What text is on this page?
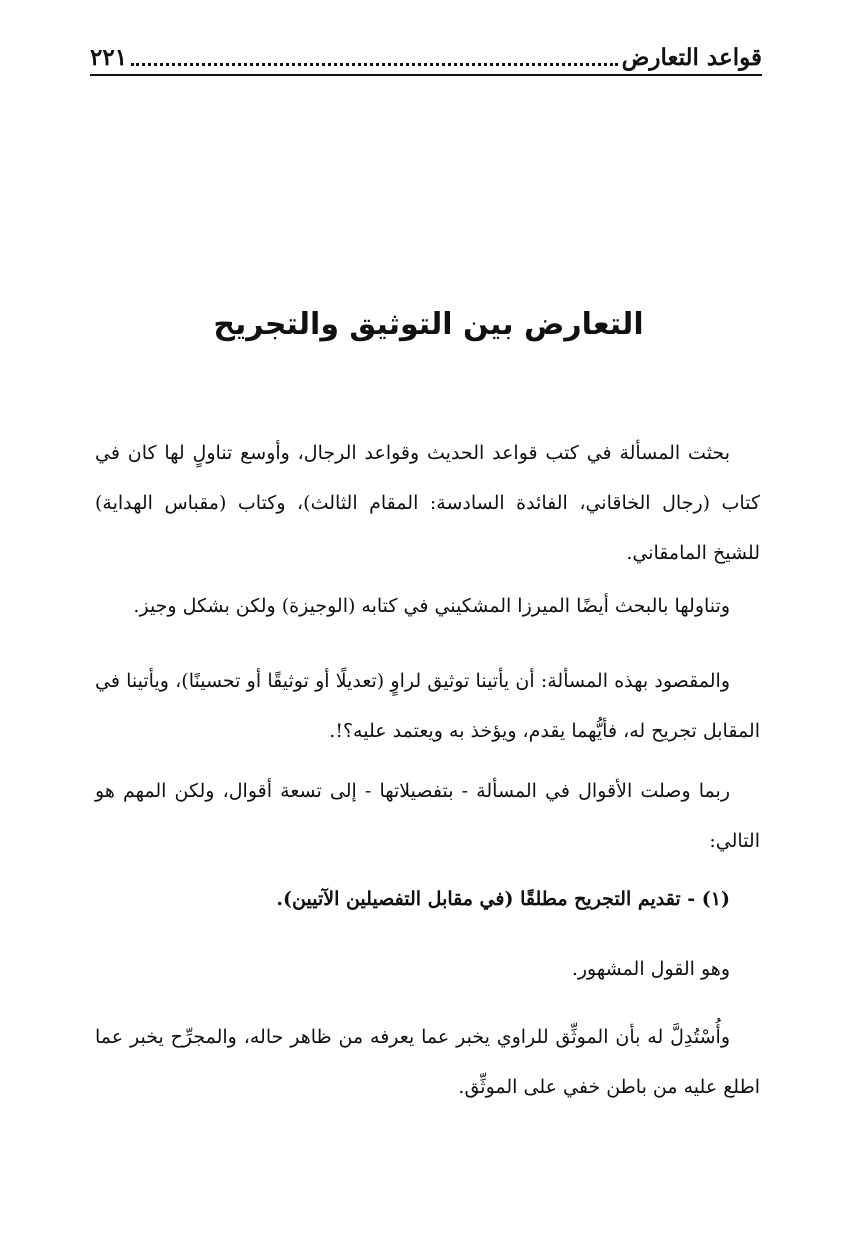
قواعد التعارض
٢٢١
التعارض بين التوثيق والتجريح

بحثت المسألة في كتب قواعد الحديث وقواعد الرجال، وأوسع تناولٍ لها كان في كتاب (رجال الخاقاني، الفائدة السادسة: المقام الثالث)، وكتاب (مقباس الهداية) للشيخ المامقاني.

وتناولها بالبحث أيضًا الميرزا المشكيني في كتابه (الوجيزة) ولكن بشكل وجيز.

والمقصود بهذه المسألة: أن يأتينا توثيق لراوٍ (تعديلًا أو توثيقًا أو تحسينًا)، ويأتينا في المقابل تجريح له، فأيُّهما يقدم، ويؤخذ به ويعتمد عليه؟!.

ربما وصلت الأقوال في المسألة - بتفصيلاتها - إلى تسعة أقوال، ولكن المهم هو التالي:

(١) - تقديم التجريح مطلقًا (في مقابل التفصيلين الآتيين).

وهو القول المشهور.

وأُسْتُدِلَّ له بأن الموثِّق للراوي يخبر عما يعرفه من ظاهر حاله، والمجرِّح يخبر عما اطلع عليه من باطن خفي على الموثِّق.
